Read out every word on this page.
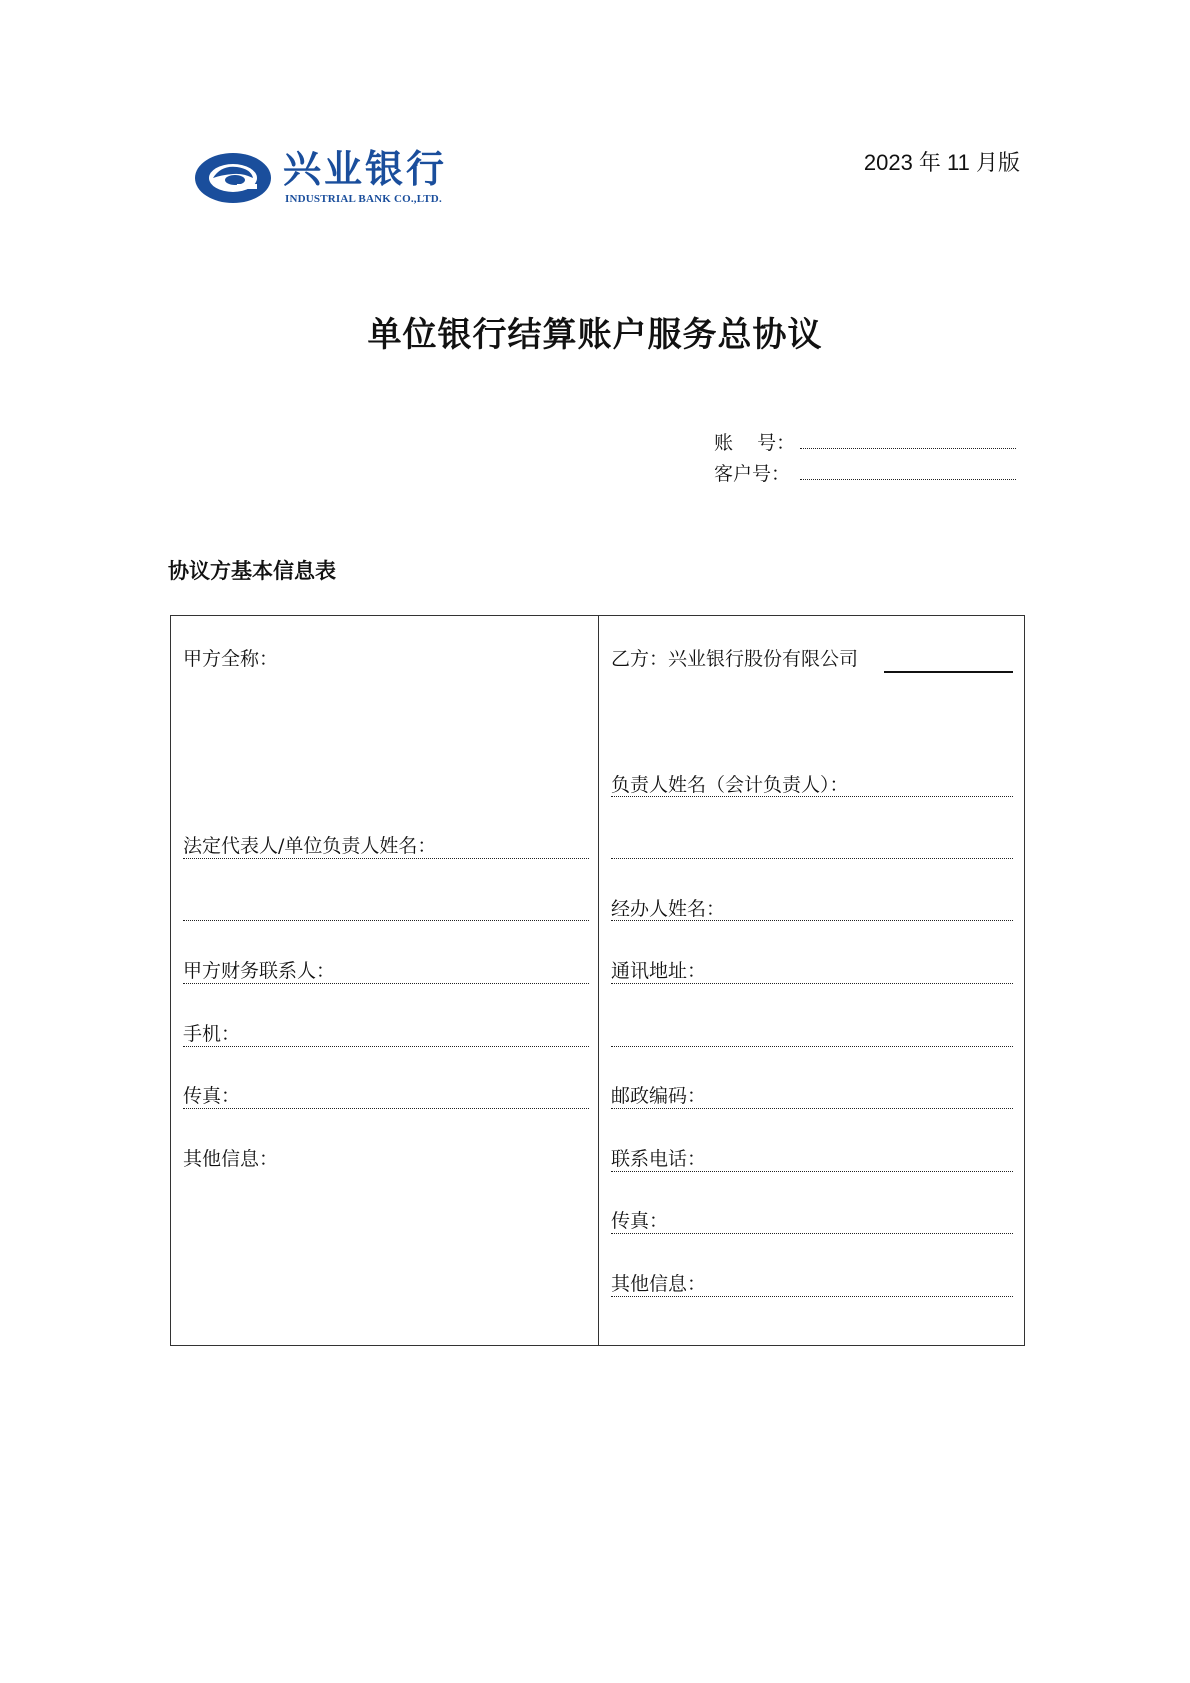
兴业银行
INDUSTRIAL BANK CO.,LTD.
2023 年 11 月版
单位银行结算账户服务总协议
账    号：
客户号：
协议方基本信息表
甲方全称：
法定代表人/单位负责人姓名：
甲方财务联系人：
手机：
传真：
其他信息：
乙方：兴业银行股份有限公司
负责人姓名（会计负责人）：
经办人姓名：
通讯地址：
邮政编码：
联系电话：
传真：
其他信息：
